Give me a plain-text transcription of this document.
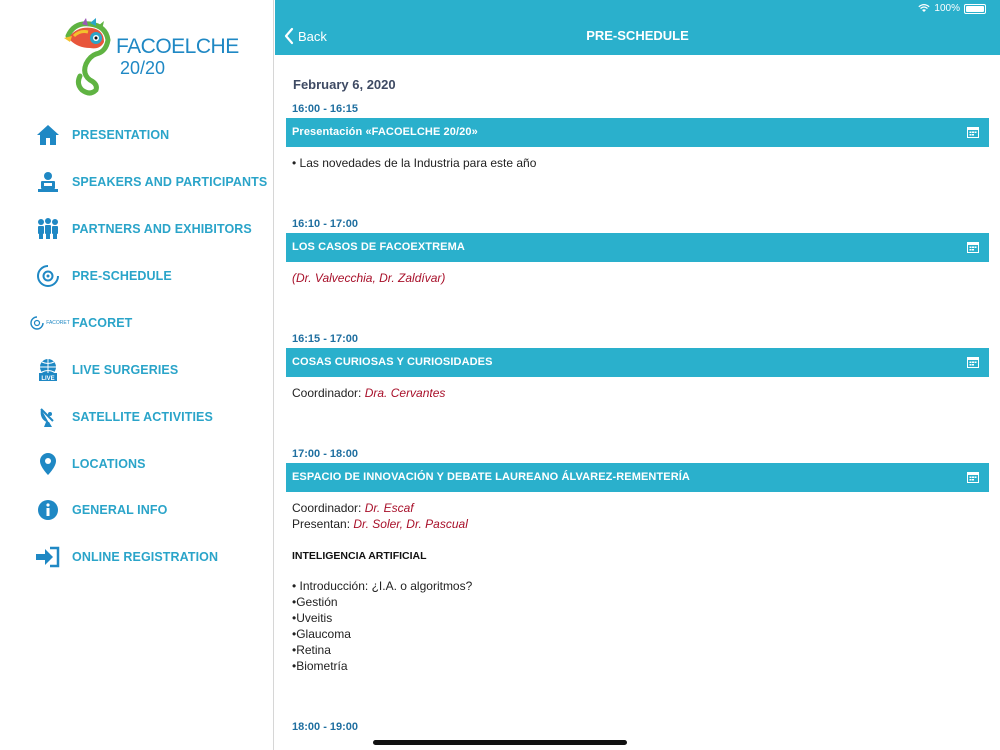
FACOELCHE
20/20
PRESENTATION
SPEAKERS AND PARTICIPANTS
PARTNERS AND EXHIBITORS
PRE-SCHEDULE
FACORET FACORET
LIVE
LIVE SURGERIES
SATELLITE ACTIVITIES
LOCATIONS
GENERAL INFO
ONLINE REGISTRATION
100%
Back	PRE-SCHEDULE
February 6, 2020
16:00 - 16:15
Presentación «FACOELCHE 20/20»
• Las novedades de la Industria para este año
16:10 - 17:00
LOS CASOS DE FACOEXTREMA
(Dr. Valvecchia, Dr. Zaldívar)
16:15 - 17:00
COSAS CURIOSAS Y CURIOSIDADES
Coordinador: Dra. Cervantes
17:00 - 18:00
ESPACIO DE INNOVACIÓN Y DEBATE LAUREANO ÁLVAREZ-REMENTERÍA
Coordinador: Dr. Escaf
Presentan: Dr. Soler, Dr. Pascual
INTELIGENCIA ARTIFICIAL
• Introducción: ¿I.A. o algoritmos?
•Gestión
•Uveitis
•Glaucoma
•Retina
•Biometría
18:00 - 19:00
